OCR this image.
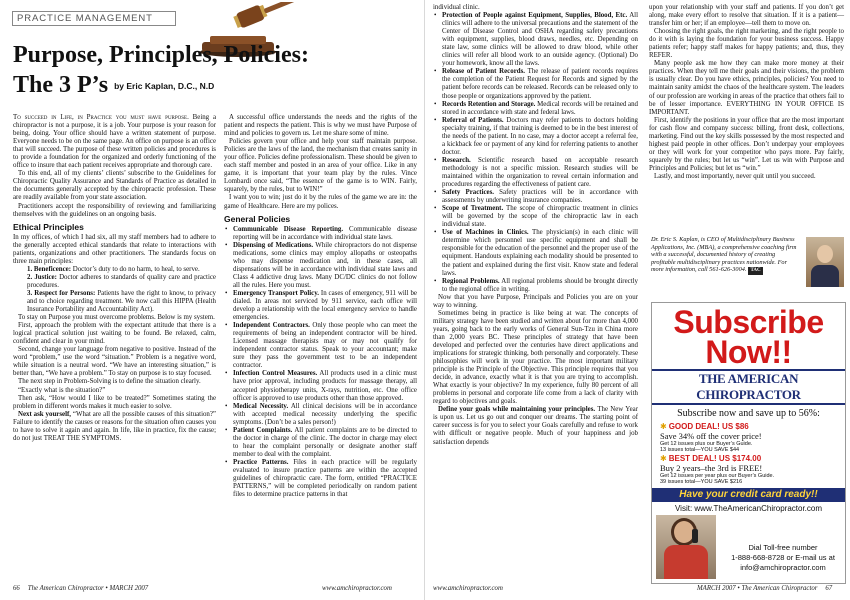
PRACTICE MANAGEMENT
Purpose, Principles, Policies:
The 3 P’s by Eric Kaplan, D.C., N.D

To succeed in Life, in Practice you must have purpose. Being a chiropractor is not a purpose, it is a job. Your purpose is your reason for being, doing. Your office should have a written statement of purpose. Everyone needs to be on the same page. An office on purpose is an office that will succeed. The purpose of these written policies and procedures is to provide a foundation for the organized and orderly functioning of the office to insure that each patient receives appropriate and thorough care.

To this end, all of my clients’ clients’ subscribe to the Guidelines for Chiropractic Quality Assurance and Standards of Practice as detailed in the documents generally accepted by the chiropractic profession. These are readily available from your state association.

Practitioners accept the responsibility of reviewing and familiarizing themselves with the guidelines on an ongoing basis.

Ethical Principles

In my offices, of which I had six, all my staff members had to adhere to the generally accepted ethical standards that relate to interactions with patients, organizations and other practitioners. The standards focus on three main principles:

1. Beneficence: Doctor’s duty to do no harm, to heal, to serve.
2. Justice: Doctor adheres to standards of quality care and practice procedures.
3. Respect for Persons: Patients have the right to know, to privacy and to choice regarding treatment. We now call this HIPPA (Health Insurance Portability and Accountability Act).

To stay on Purpose you must overcome problems. Below is my system.

First, approach the problem with the expectant attitude that there is a logical practical solution just waiting to be found. Be relaxed, calm, confident and clear in your mind.

Second, change your language from negative to positive. Instead of the word “problem,” use the word “situation.” Problem is a negative word, while situation is a neutral word. “We have an interesting situation,” is better than, “We have a problem.” To stay on purpose is to stay focused.

The next step in Problem-Solving is to define the situation clearly.

“Exactly what is the situation?”

Then ask, “How would I like to be treated?” Sometimes stating the problem in different words makes it much easier to solve.

Next ask yourself, “What are all the possible causes of this situation?” Failure to identify the causes or reasons for the situation often causes you to have to solve it again and again. In life, like in practice, fix the cause; do not just TREAT THE SYMPTOMS.

A successful office understands the needs and the rights of the patient and respects the patient. This is why we must have Purpose of mind and policies to govern us. Let me share some of mine.

Policies govern your office and help your staff maintain purpose. Policies are the laws of the land, the mechanism that creates sanity in your office. Policies define professionalism. These should be given to each staff member and posted in an area of your office. Like in any game, it is important that your team play by the rules. Vince Lombardi once said, “The essence of the game is to WIN. Fairly, squarely, by the rules, but to WIN!”

I want you to win; just do it by the rules of the game we are in: the game of Healthcare. Here are my polices.

General Policies
• Communicable Disease Reporting. Communicable disease reporting will be in accordance with individual state laws.
• Dispensing of Medications. While chiropractors do not dispense medications, some clinics may employ allopaths or osteopaths who may dispense medication and, in these cases, all dispensations will be in accordance with individual state laws and Class 4 addictive drug laws. Many DC/DC clinics do not follow all the rules. Here you must.
• Emergency Transport Policy. In cases of emergency, 911 will be dialed. In areas not serviced by 911 service, each office will develop a relationship with the local emergency service to handle emergencies.
• Independent Contractors. Only those people who can meet the requirements of being an independent contractor will be hired. Licensed massage therapists may or may not qualify for independent contractor status. Speak to your accountant; make sure they pass the government test to be an independent contractor.
• Infection Control Measures. All products used in a clinic must have prior approval, including products for massage therapy, all accepted physiotherapy units, X-rays, nutrition, etc. One office officer is approved to use products other than those approved.
• Medical Necessity. All clinical decisions will be in accordance with accepted medical necessity underlying the specific symptoms. (Don’t be a sales person!)
• Patient Complaints. All patient complaints are to be directed to the doctor in charge of the clinic. The doctor in charge may elect to hear the complaint personally or designate another staff member to deal with the complaint.
• Practice Patterns. Files in each practice will be regularly evaluated to insure practice patterns are within the accepted guidelines of chiropractic care. The form, entitled “PRACTICE PATTERNS,” will be completed periodically on random patient files to determine practice patterns in that
66 The American Chiropractor • MARCH 2007	www.amchiropractor.com

individual clinic.

• Protection of People against Equipment, Supplies, Blood, Etc. All clinics will adhere to the universal precautions and the statement of the Center of Disease Control and OSHA regarding safety precautions with equipment, supplies, blood draws, needles, etc. Depending on state law, some clinics will be allowed to draw blood, while other clinics will refer all blood work to an outside agency. (Optional) Do your homework, know all the laws.
• Release of Patient Records. The release of patient records requires the completion of the Patient Request for Records and signed by the patient before records can be released. Records can be released only to those people or organizations approved by the patient.
• Records Retention and Storage. Medical records will be retained and stored in accordance with state and federal laws.
• Referral of Patients. Doctors may refer patients to doctors holding specialty training, if that training is deemed to be in the best interest of the needs of the patient. In no case, may a doctor accept a referral fee, a kickback fee or payment of any kind for referring patients to another doctor.
• Research. Scientific research based on acceptable research methodology is not a specific mission. Research studies will be maintained within the organization to reveal certain information and procedures regarding the effectiveness of patient care.
• Safety Practices. Safety practices will be in accordance with assessments by underwriting insurance companies.
• Scope of Treatment. The scope of chiropractic treatment in clinics will be governed by the scope of the chiropractic law in each individual state.
• Use of Machines in Clinics. The physician(s) in each clinic will determine which personnel use specific equipment and shall be responsible for the education of the personnel and the proper use of the equipment. Handouts explaining each modality should be presented to the patient and explained during the first visit. Know state and federal laws.
• Regional Problems. All regional problems should be brought directly to the regional office in writing.

Now that you have Purpose, Principals and Policies you are on your way to winning.

Sometimes being in practice is like being at war. The concepts of military strategy have been studied and written about for more than 4,000 years, going back to the early works of General Sun-Tzu in China more than 2,000 years BC. These principles of strategy that have been developed and perfected over the centuries have direct applications and implications for strategic thinking, both personally and corporately. These philosophies will work in your practice. The most important military principle is the Principle of the Objective. This principle requires that you decide, in advance, exactly what it is that you are trying to accomplish. What exactly is your objective? In my experience, fully 80 percent of all problems in personal and corporate life come from a lack of clarity with regard to objectives and goals.

Define your goals while maintaining your principles. The New Year is upon us. Let us go out and conquer our dreams. The starting point of career success is for you to select your Goals carefully and refuse to work with difficult or negative people. Much of your happiness and job satisfaction depends

upon your relationship with your staff and patients. If you don’t get along, make every effort to resolve that situation. If it is a patient—transfer him or her; if an employee—tell them to move on.

Choosing the right goals, the right marketing, and the right people to do it with is laying the foundation for your business success. Happy patients refer; happy staff makes for happy patients; and, thus, they REFER.

Many people ask me how they can make more money at their practices. When they tell me their goals and their visions, the problem is usually clear. Do you have ethics, principles, policies? You need to maintain sanity amidst the chaos of the healthcare system. The leaders of our profession are working in areas of the practice that others fail to be of lesser importance. EVERYTHING IN YOUR OFFICE IS IMPORTANT.

First, identify the positions in your office that are the most important for cash flow and company success: billing, front desk, collections, marketing. Find out the key skills possessed by the most respected and highest paid people in other offices. Don’t underpay your employees or they will work for your competitor who pays more. Pay fairly, squarely by the rules; but let us “win”. Let us win with Purpose and Principles and Policies; but let us “win.”

Lastly, and most importantly, never quit until you succeed.

Dr. Eric S. Kaplan, is CEO of Multidisciplinary Business Applications, Inc. (MBA), a comprehensive coaching firm with a successful, documented history of creating profitable multidisciplinary practices nationwide. For more information, call 561-626-3004. TAC

Subscribe
Now!!
THE AMERICAN CHIROPRACTOR
Subscribe now and save up to 56%:
✱ GOOD DEAL! US $86
Save 34% off the cover price!
Get 12 issues plus our Buyer’s Guide.
13 issues total—YOU SAVE $44
✱ BEST DEAL! US $174.00
Buy 2 years–the 3rd is FREE!
Get 12 issues per year plus our Buyer’s Guide.
39 issues total—YOU SAVE $216
Have your credit card ready!!
Visit: www.TheAmericanChiropractor.com
Dial Toll-free number
1-888-668-8728 or E-mail us at
info@amchiropractor.com
www.amchiropractor.com	MARCH 2007 • The American Chiropractor 67
